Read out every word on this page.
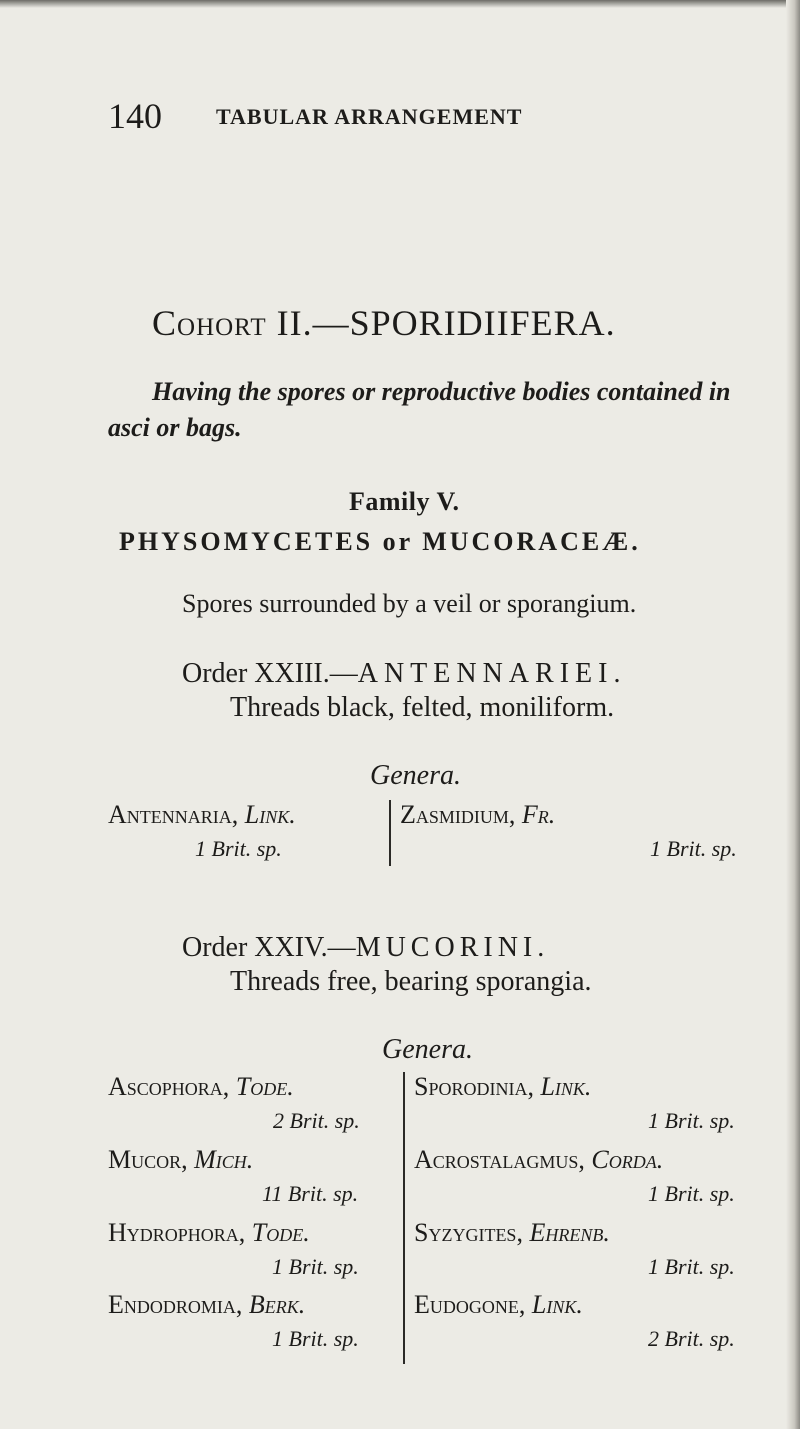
140 TABULAR ARRANGEMENT
Cohort II.—SPORIDIIFERA.
Having the spores or reproductive bodies contained in
asci or bags.
Family V.
PHYSOMYCETES or MUCORACEÆ.
Spores surrounded by a veil or sporangium.
Order XXIII.—ANTENNARIEI.
Threads black, felted, moniliform.
Genera.
Antennaria, Link.
1 Brit. sp.
Zasmidium, Fr.
1 Brit. sp.
Order XXIV.—MUCORINI.
Threads free, bearing sporangia.
Genera.
Ascophora, Tode.
2 Brit. sp.
Mucor, Mich.
11 Brit. sp.
Hydrophora, Tode.
1 Brit. sp.
Endodromia, Berk.
1 Brit. sp.
Sporodinia, Link.
1 Brit. sp.
Acrostalagmus, Corda.
1 Brit. sp.
Syzygites, Ehrenb.
1 Brit. sp.
Eudogone, Link.
2 Brit. sp.
